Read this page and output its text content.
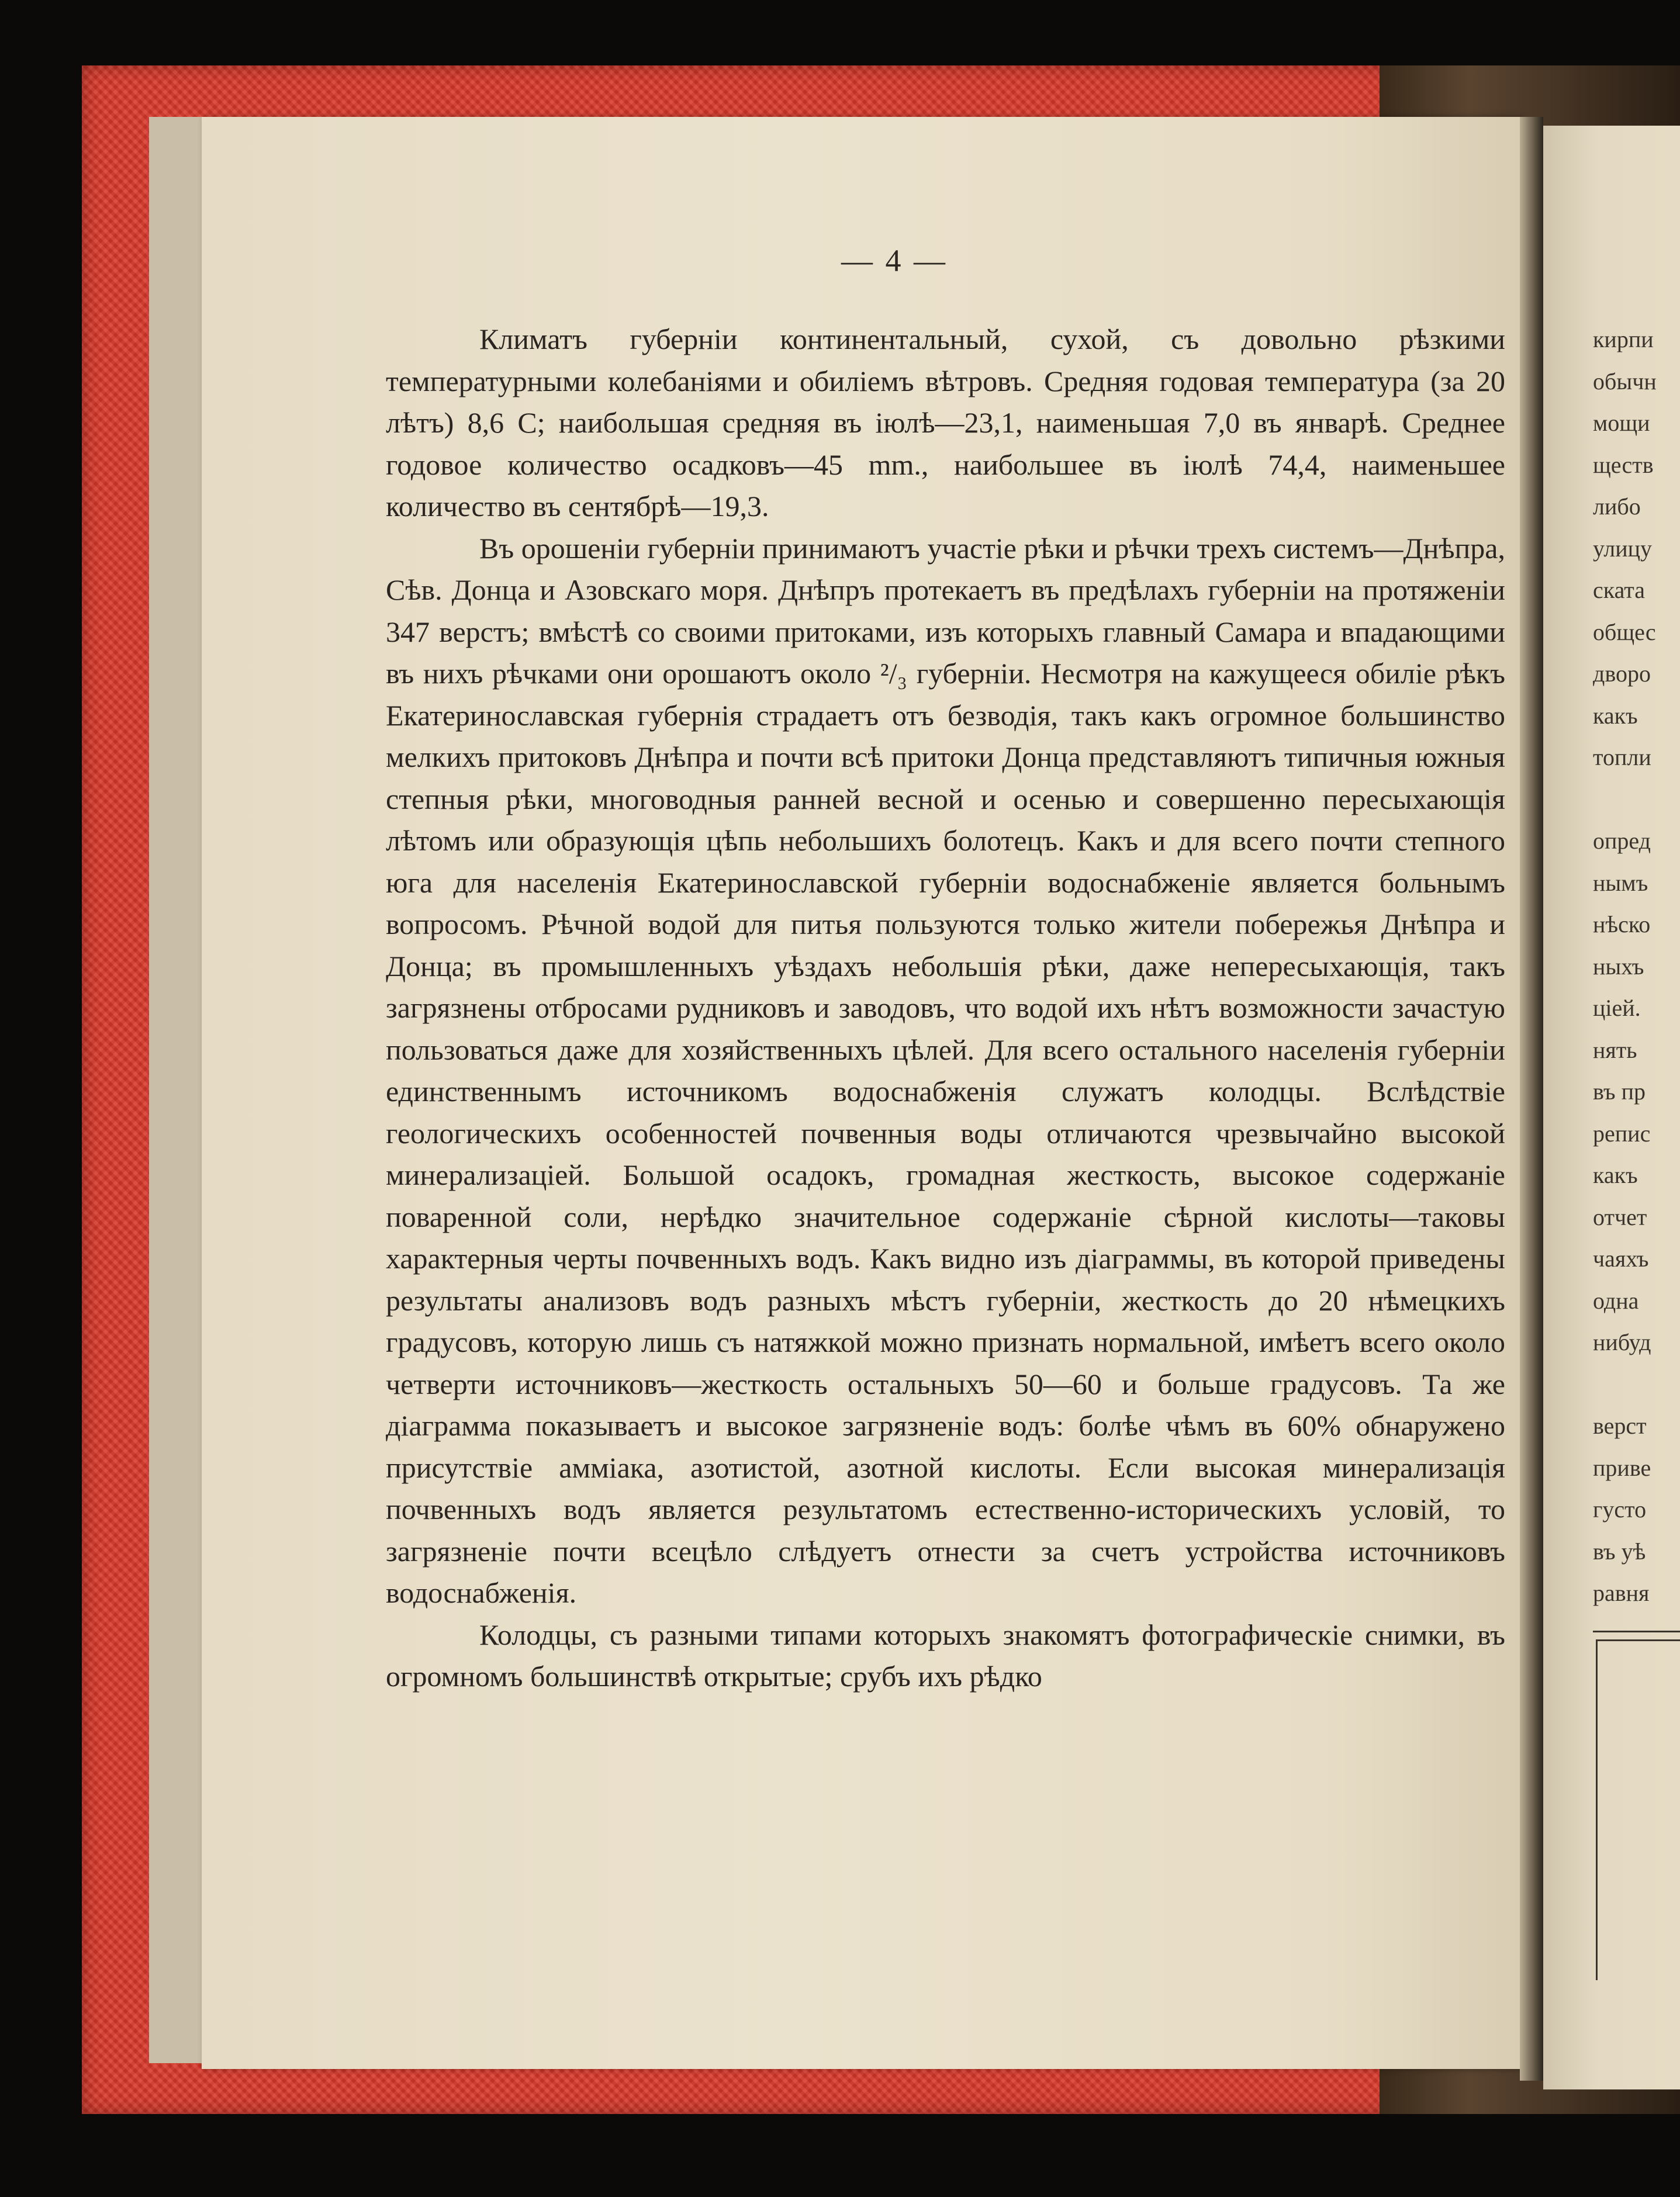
— 4 —

Климатъ губерніи континентальный, сухой, съ довольно рѣзкими температурными колебаніями и обиліемъ вѣтровъ. Средняя годовая температура (за 20 лѣтъ) 8,6 С; наибольшая средняя въ іюлѣ—23,1, наименьшая 7,0 въ январѣ. Среднее годовое количество осадковъ—45 mm., наибольшее въ іюлѣ 74,4, наименьшее количество въ сентябрѣ—19,3.

Въ орошеніи губерніи принимаютъ участіе рѣки и рѣчки трехъ системъ—Днѣпра, Сѣв. Донца и Азовскаго моря. Днѣпръ протекаетъ въ предѣлахъ губерніи на протяженіи 347 верстъ; вмѣстѣ со своими притоками, изъ которыхъ главный Самара и впадающими въ нихъ рѣчками они орошаютъ около ²/₃ губерніи. Несмотря на кажущееся обиліе рѣкъ Екатеринославская губернія страдаетъ отъ безводія, такъ какъ огромное большинство мелкихъ притоковъ Днѣпра и почти всѣ притоки Донца представляютъ типичныя южныя степныя рѣки, многоводныя ранней весной и осенью и совершенно пересыхающія лѣтомъ или образующія цѣпь небольшихъ болотецъ. Какъ и для всего почти степного юга для населенія Екатеринославской губерніи водоснабженіе является больнымъ вопросомъ. Рѣчной водой для питья пользуются только жители побережья Днѣпра и Донца; въ промышленныхъ уѣздахъ небольшія рѣки, даже непересыхающія, такъ загрязнены отбросами рудниковъ и заводовъ, что водой ихъ нѣтъ возможности зачастую пользоваться даже для хозяйственныхъ цѣлей. Для всего остального населенія губерніи единственнымъ источникомъ водоснабженія служатъ колодцы. Вслѣдствіе геологическихъ особенностей почвенныя воды отличаются чрезвычайно высокой минерализаціей. Большой осадокъ, громадная жесткость, высокое содержаніе поваренной соли, нерѣдко значительное содержаніе сѣрной кислоты—таковы характерныя черты почвенныхъ водъ. Какъ видно изъ діаграммы, въ которой приведены результаты анализовъ водъ разныхъ мѣстъ губерніи, жесткость до 20 нѣмецкихъ градусовъ, которую лишь съ натяжкой можно признать нормальной, имѣетъ всего около четверти источниковъ—жесткость остальныхъ 50—60 и больше градусовъ. Та же діаграмма показываетъ и высокое загрязненіе водъ: болѣе чѣмъ въ 60% обнаружено присутствіе амміака, азотистой, азотной кислоты. Если высокая минерализація почвенныхъ водъ является результатомъ естественно-историческихъ условій, то загрязненіе почти всецѣло слѣдуетъ отнести за счетъ устройства источниковъ водоснабженія.

Колодцы, съ разными типами которыхъ знакомятъ фотографическіе снимки, въ огромномъ большинствѣ открытые; срубъ ихъ рѣдко

кирпи
обычн
мощи
ществ
либо
улицу
ската
общес
дворо
какъ
топли
опред
нымъ
нѣско
ныхъ
ціей.
нять
въ пр
репис
какъ
отчет
чаяхъ
одна
нибуд
верст
приве
густо
въ уѣ
равня
